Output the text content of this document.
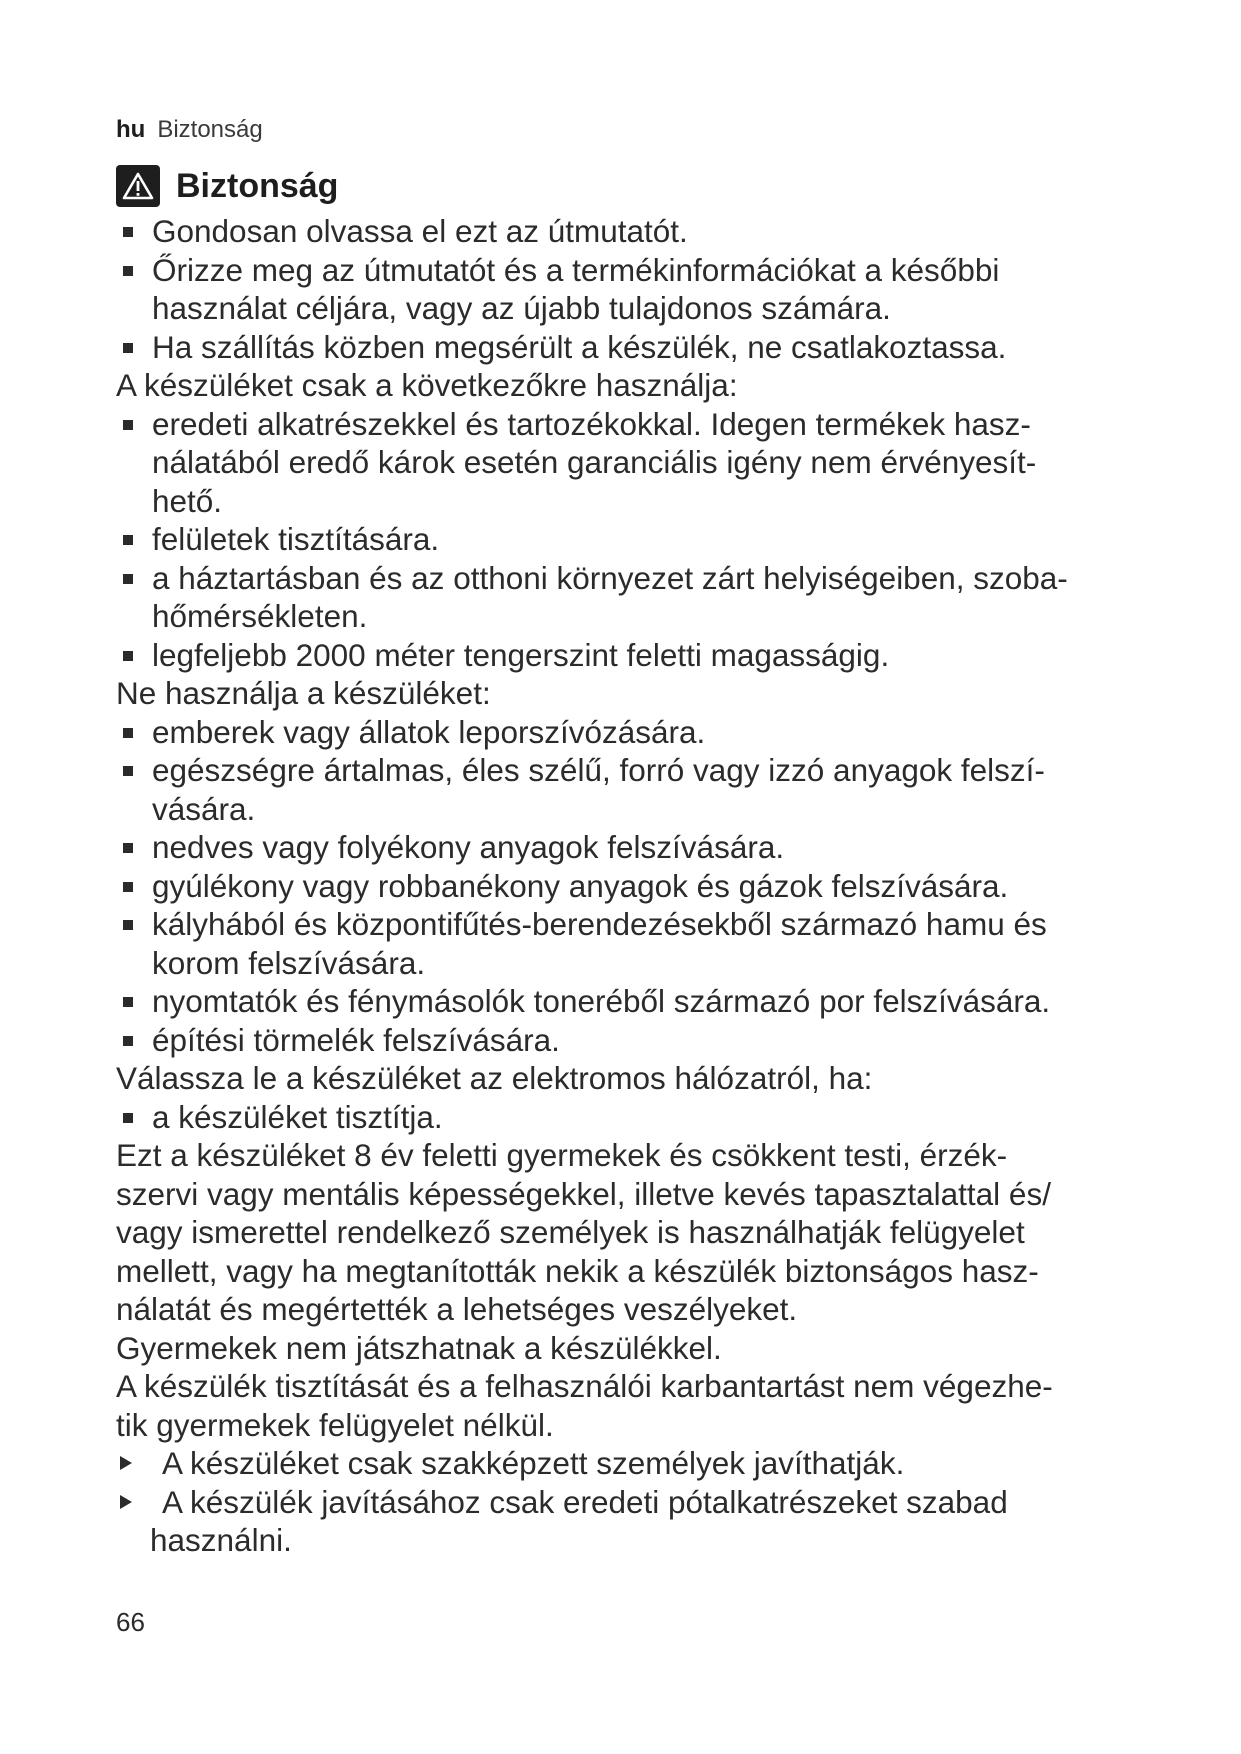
hu Biztonság
Biztonság
Gondosan olvassa el ezt az útmutatót.
Őrizze meg az útmutatót és a termékinformációkat a későbbi
használat céljára, vagy az újabb tulajdonos számára.
Ha szállítás közben megsérült a készülék, ne csatlakoztassa.
A készüléket csak a következőkre használja:
eredeti alkatrészekkel és tartozékokkal. Idegen termékek hasz-
nálatából eredő károk esetén garanciális igény nem érvényesít-
hető.
felületek tisztítására.
a háztartásban és az otthoni környezet zárt helyiségeiben, szoba-
hőmérsékleten.
legfeljebb 2000 méter tengerszint feletti magasságig.
Ne használja a készüléket:
emberek vagy állatok leporszívózására.
egészségre ártalmas, éles szélű, forró vagy izzó anyagok felszí-
vására.
nedves vagy folyékony anyagok felszívására.
gyúlékony vagy robbanékony anyagok és gázok felszívására.
kályhából és központifűtés-berendezésekből származó hamu és
korom felszívására.
nyomtatók és fénymásolók toneréből származó por felszívására.
építési törmelék felszívására.
Válassza le a készüléket az elektromos hálózatról, ha:
a készüléket tisztítja.
Ezt a készüléket 8 év feletti gyermekek és csökkent testi, érzék-
szervi vagy mentális képességekkel, illetve kevés tapasztalattal és/
vagy ismerettel rendelkező személyek is használhatják felügyelet
mellett, vagy ha megtanították nekik a készülék biztonságos hasz-
nálatát és megértették a lehetséges veszélyeket.
Gyermekek nem játszhatnak a készülékkel.
A készülék tisztítását és a felhasználói karbantartást nem végezhe-
tik gyermekek felügyelet nélkül.
A készüléket csak szakképzett személyek javíthatják.
A készülék javításához csak eredeti pótalkatrészeket szabad
használni.
66
